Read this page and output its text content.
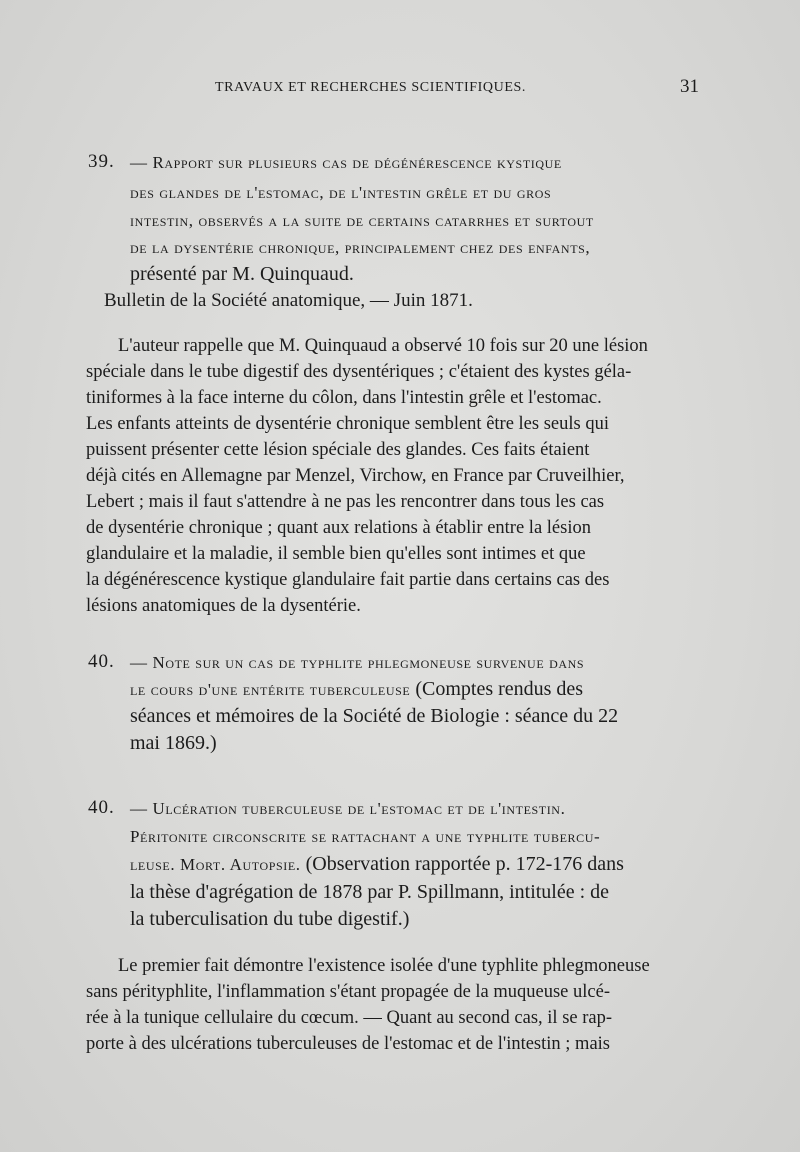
TRAVAUX ET RECHERCHES SCIENTIFIQUES.	31
39. — Rapport sur plusieurs cas de dégénérescence kystique
des glandes de l'estomac, de l'intestin grêle et du gros
intestin, observés a la suite de certains catarrhes et surtout
de la dysentérie chronique, principalement chez des enfants,
présenté par M. Quinquaud.
Bulletin de la Société anatomique, — Juin 1871.
L'auteur rappelle que M. Quinquaud a observé 10 fois sur 20 une lésion
spéciale dans le tube digestif des dysentériques ; c'étaient des kystes géla-
tiniformes à la face interne du côlon, dans l'intestin grêle et l'estomac.
Les enfants atteints de dysentérie chronique semblent être les seuls qui
puissent présenter cette lésion spéciale des glandes. Ces faits étaient
déjà cités en Allemagne par Menzel, Virchow, en France par Cruveilhier,
Lebert ; mais il faut s'attendre à ne pas les rencontrer dans tous les cas
de dysentérie chronique ; quant aux relations à établir entre la lésion
glandulaire et la maladie, il semble bien qu'elles sont intimes et que
la dégénérescence kystique glandulaire fait partie dans certains cas des
lésions anatomiques de la dysentérie.
40. — Note sur un cas de typhlite phlegmoneuse survenue dans
le cours d'une entérite tuberculeuse (Comptes rendus des
séances et mémoires de la Société de Biologie : séance du 22
mai 1869.)
40. — Ulcération tuberculeuse de l'estomac et de l'intestin.
Péritonite circonscrite se rattachant a une typhlite tubercu-
leuse. Mort. Autopsie. (Observation rapportée p. 172-176 dans
la thèse d'agrégation de 1878 par P. Spillmann, intitulée : de
la tuberculisation du tube digestif.)
Le premier fait démontre l'existence isolée d'une typhlite phlegmoneuse
sans pérityphlite, l'inflammation s'étant propagée de la muqueuse ulcé-
rée à la tunique cellulaire du cœcum. — Quant au second cas, il se rap-
porte à des ulcérations tuberculeuses de l'estomac et de l'intestin ; mais
